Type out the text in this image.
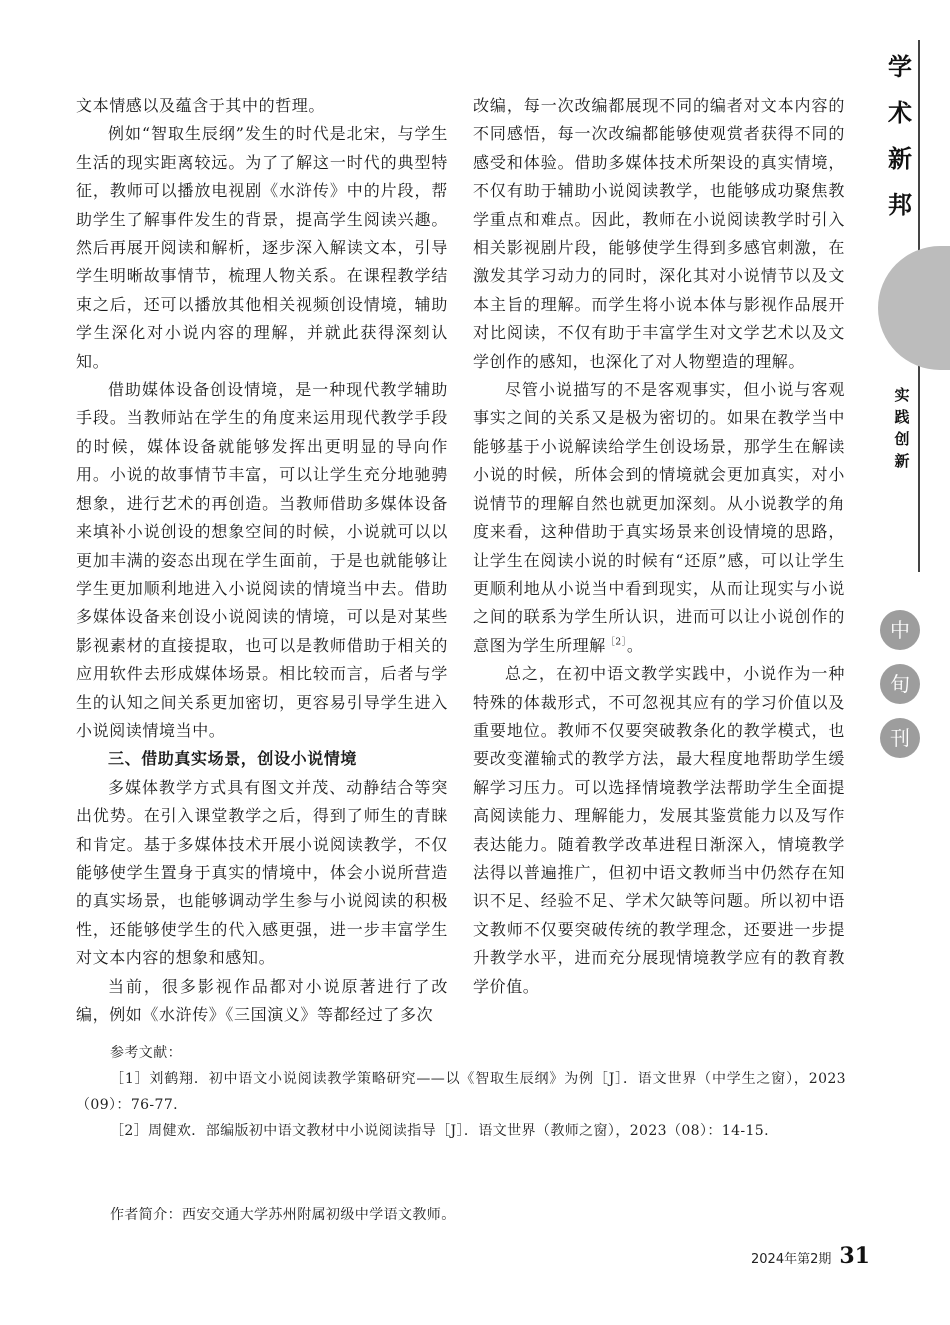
学
术
新
邦
实
践
创
新
中
旬
刊

文本情感以及蕴含于其中的哲理。

例如“智取生辰纲”发生的时代是北宋，与学生生活的现实距离较远。为了了解这一时代的典型特征，教师可以播放电视剧《水浒传》中的片段，帮助学生了解事件发生的背景，提高学生阅读兴趣。然后再展开阅读和解析，逐步深入解读文本，引导学生明晰故事情节，梳理人物关系。在课程教学结束之后，还可以播放其他相关视频创设情境，辅助学生深化对小说内容的理解，并就此获得深刻认知。

借助媒体设备创设情境，是一种现代教学辅助手段。当教师站在学生的角度来运用现代教学手段的时候，媒体设备就能够发挥出更明显的导向作用。小说的故事情节丰富，可以让学生充分地驰骋想象，进行艺术的再创造。当教师借助多媒体设备来填补小说创设的想象空间的时候，小说就可以以更加丰满的姿态出现在学生面前，于是也就能够让学生更加顺利地进入小说阅读的情境当中去。借助多媒体设备来创设小说阅读的情境，可以是对某些影视素材的直接提取，也可以是教师借助于相关的应用软件去形成媒体场景。相比较而言，后者与学生的认知之间关系更加密切，更容易引导学生进入小说阅读情境当中。

三、借助真实场景，创设小说情境

多媒体教学方式具有图文并茂、动静结合等突出优势。在引入课堂教学之后，得到了师生的青睐和肯定。基于多媒体技术开展小说阅读教学，不仅能够使学生置身于真实的情境中，体会小说所营造的真实场景，也能够调动学生参与小说阅读的积极性，还能够使学生的代入感更强，进一步丰富学生对文本内容的想象和感知。

当前，很多影视作品都对小说原著进行了改编，例如《水浒传》《三国演义》等都经过了多次

改编，每一次改编都展现不同的编者对文本内容的不同感悟，每一次改编都能够使观赏者获得不同的感受和体验。借助多媒体技术所架设的真实情境，不仅有助于辅助小说阅读教学，也能够成功聚焦教学重点和难点。因此，教师在小说阅读教学时引入相关影视剧片段，能够使学生得到多感官刺激，在激发其学习动力的同时，深化其对小说情节以及文本主旨的理解。而学生将小说本体与影视作品展开对比阅读，不仅有助于丰富学生对文学艺术以及文学创作的感知，也深化了对人物塑造的理解。

尽管小说描写的不是客观事实，但小说与客观事实之间的关系又是极为密切的。如果在教学当中能够基于小说解读给学生创设场景，那学生在解读小说的时候，所体会到的情境就会更加真实，对小说情节的理解自然也就更加深刻。从小说教学的角度来看，这种借助于真实场景来创设情境的思路，让学生在阅读小说的时候有“还原”感，可以让学生更顺利地从小说当中看到现实，从而让现实与小说之间的联系为学生所认识，进而可以让小说创作的意图为学生所理解$^{[2]}$。

总之，在初中语文教学实践中，小说作为一种特殊的体裁形式，不可忽视其应有的学习价值以及重要地位。教师不仅要突破教条化的教学模式，也要改变灌输式的教学方法，最大程度地帮助学生缓解学习压力。可以选择情境教学法帮助学生全面提高阅读能力、理解能力，发展其鉴赏能力以及写作表达能力。随着教学改革进程日渐深入，情境教学法得以普遍推广，但初中语文教师当中仍然存在知识不足、经验不足、学术欠缺等问题。所以初中语文教师不仅要突破传统的教学理念，还要进一步提升教学水平，进而充分展现情境教学应有的教育教学价值。

参考文献：

［1］刘鹤翔．初中语文小说阅读教学策略研究——以《智取生辰纲》为例［J］．语文世界（中学生之窗），2023（09）：76-77.

［2］周健欢．部编版初中语文教材中小说阅读指导［J］．语文世界（教师之窗），2023（08）：14-15.

作者简介：西安交通大学苏州附属初级中学语文教师。
2024年第2期 31
